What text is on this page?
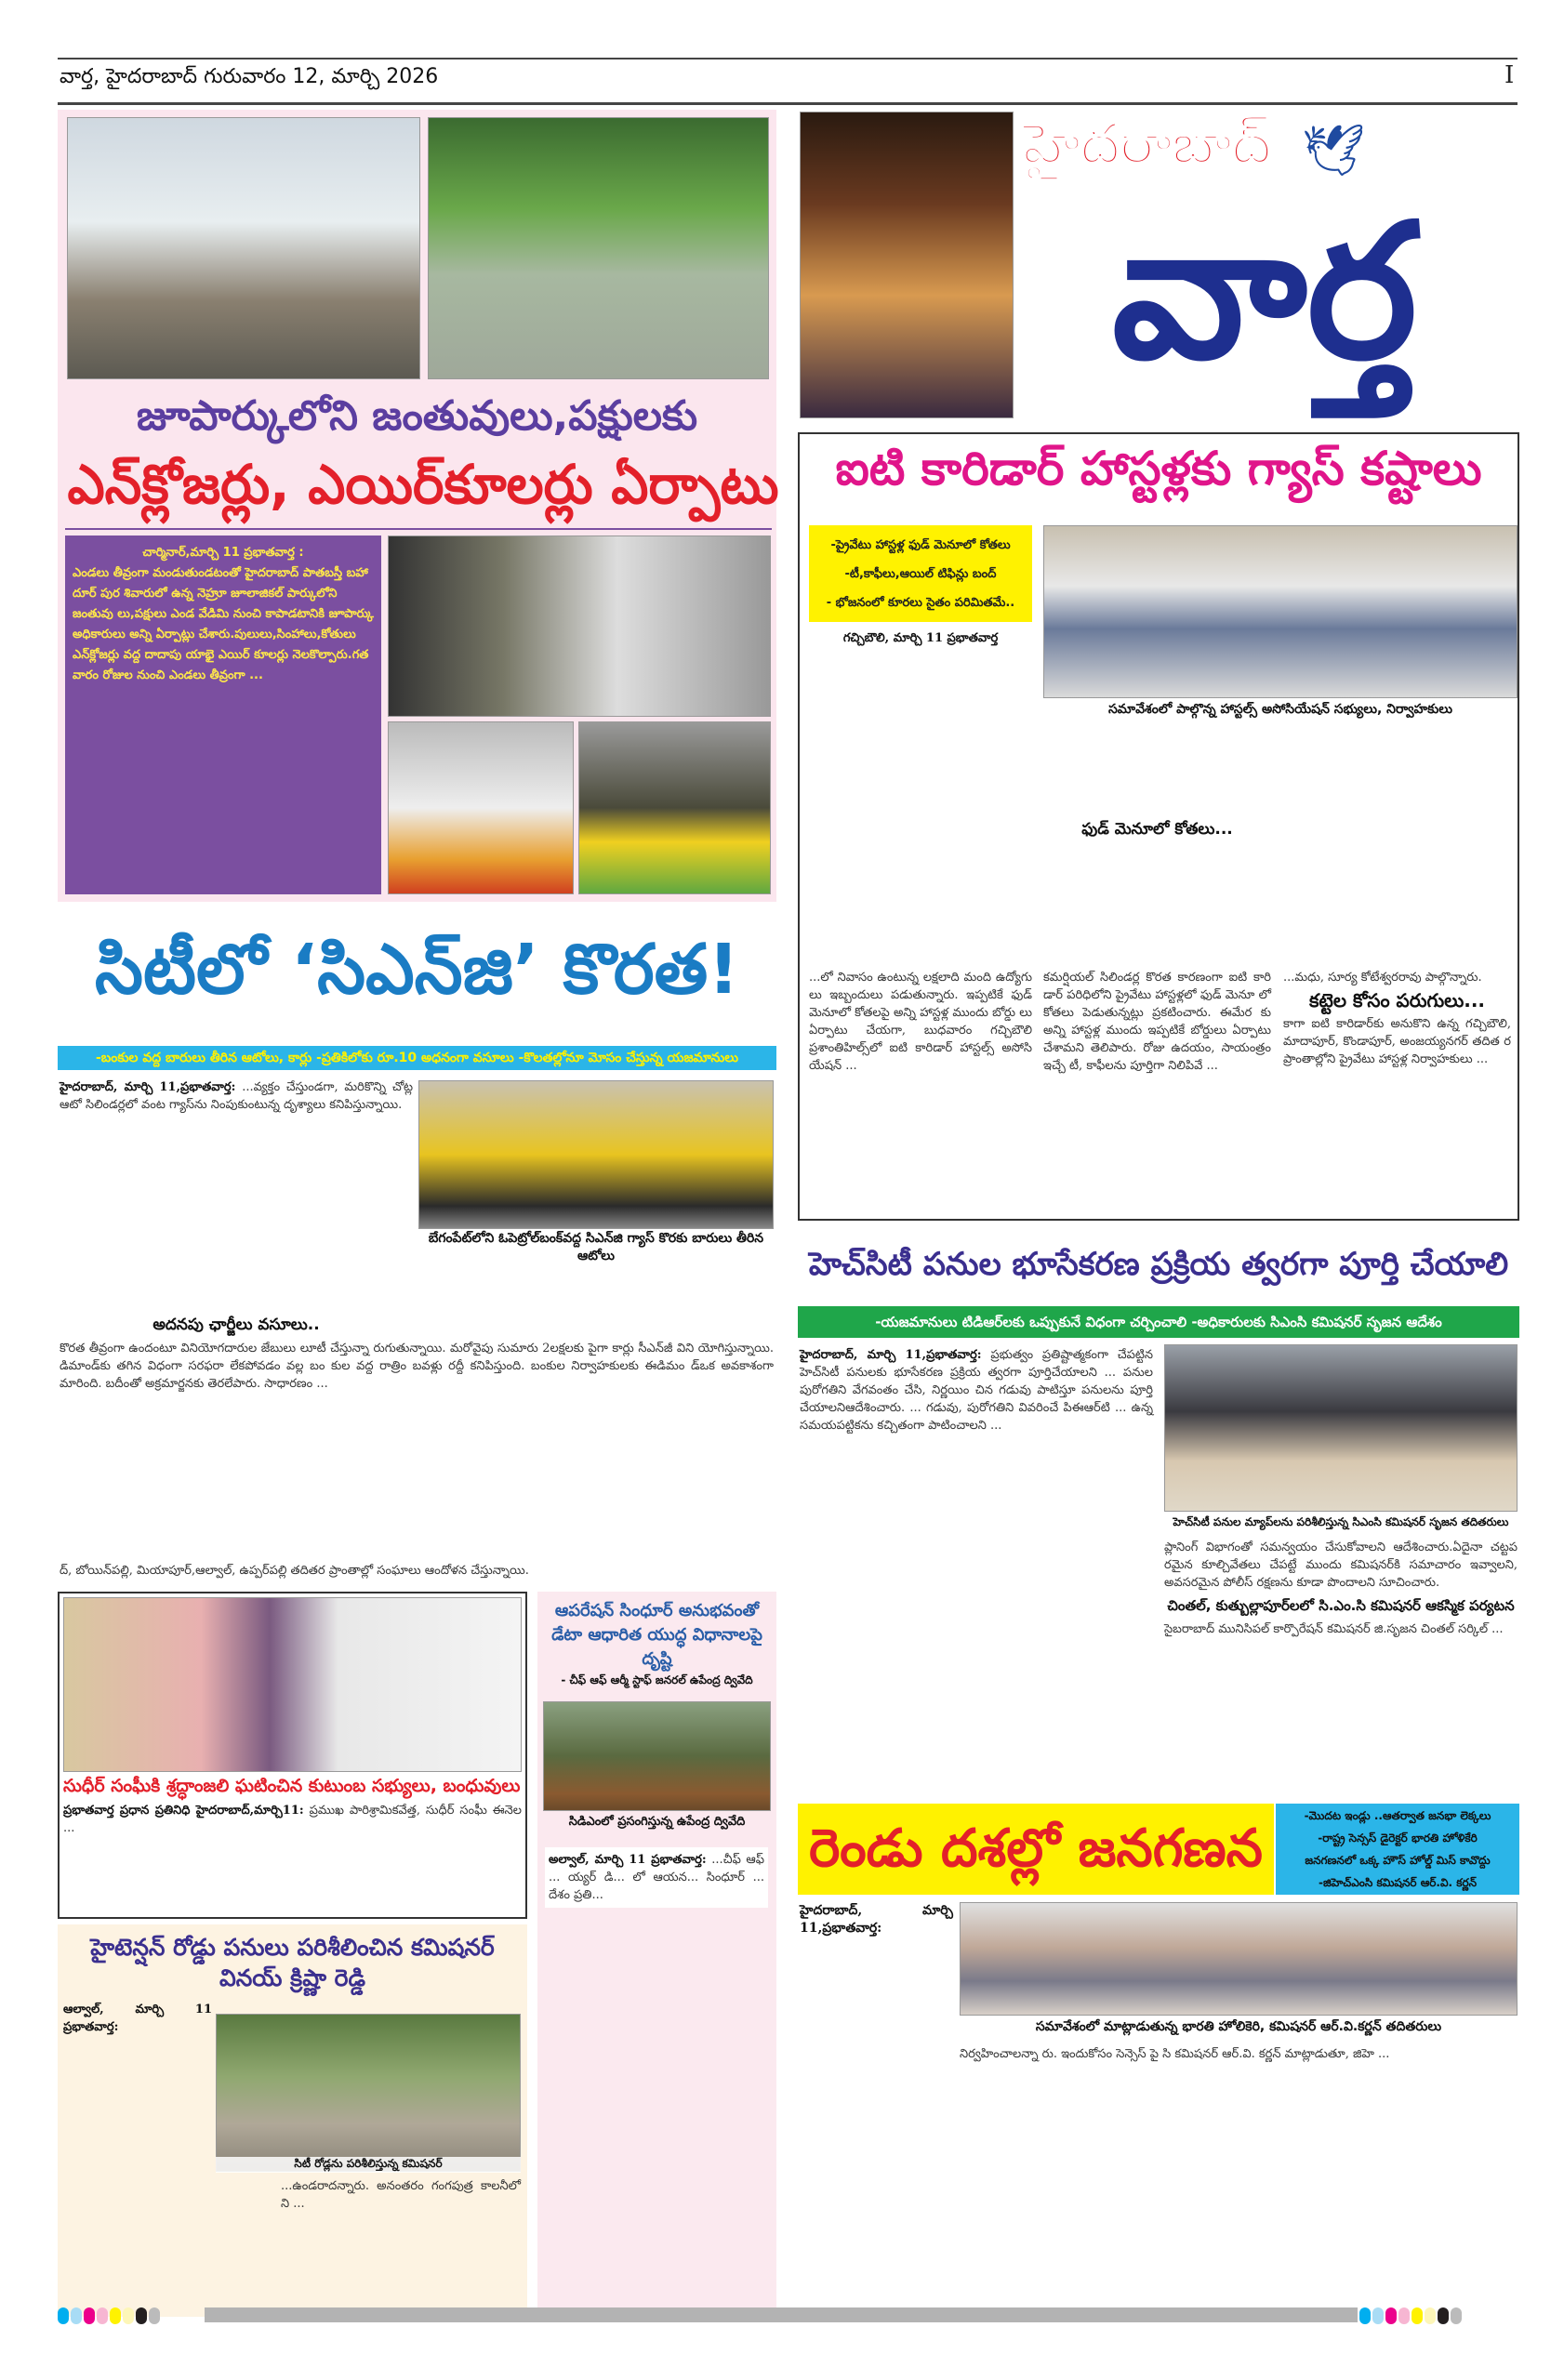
వార్త, హైదరాబాద్ గురువారం 12, మార్చి 2026	I
జూపార్కులోని జంతువులు,పక్షులకు
ఎన్‌క్లోజర్లు, ఎయిర్‌కూలర్లు ఏర్పాటు
చార్మినార్,మార్చి 11 ప్రభాతవార్త :
ఎండలు తీవ్రంగా మండుతుండటంతో హైదరాబాద్ పాతబస్తీ బహా దూర్ పుర శివారులో ఉన్న నెహ్రూ జూలాజికల్ పార్కులోని జంతువు లు,పక్షులు ఎండ వేడిమి నుంచి కాపాడటానికి జూపార్కు అధికారులు అన్ని ఏర్పాట్లు చేశారు.పులులు,సింహాలు,కోతులు ఎన్‌క్లోజర్లు వద్ద దాదాపు యాభై ఎయిర్ కూలర్లు నెలకొల్పారు.గత వారం రోజుల నుంచి ఎండలు తీవ్రంగా ...
సిటీలో ‘సిఎన్‌జి’ కొరత!
-బంకుల వద్ద బారులు తీరిన ఆటోలు, కార్లు -ప్రతికిలోకు రూ.10 అధనంగా వసూలు -కొలతల్లోనూ మోసం చేస్తున్న యజమానులు
హైదరాబాద్, మార్చి 11,ప్రభాతవార్త: ...వ్యక్తం చేస్తుండగా, మరికొన్ని చోట్ల ఆటో సిలిండర్లలో వంట గ్యాస్‌ను నింపుకుంటున్న దృశ్యాలు కనిపిస్తున్నాయి.
బేగంపేట్‌లోని ఓపెట్రోల్‌బంక్‌వద్ద సిఎన్‌జి గ్యాస్ కొరకు బారులు తీరిన ఆటోలు
అదనపు ఛార్జీలు వసూలు..
కొరత తీవ్రంగా ఉందంటూ వినియోగదారుల జేబులు లూటీ చేస్తున్నా రుగుతున్నాయి. మరోవైపు సుమారు 2లక్షలకు పైగా కార్లు సీఎన్‌జీ విని యోగిస్తున్నాయి. డిమాండ్‌కు తగిన విధంగా సరఫరా లేకపోవడం వల్ల బం కుల వద్ద రాత్రిం బవళ్లు రద్దీ కనిపిస్తుంది. బంకుల నిర్వాహకులకు ఈడిమం డ్‌ఒక అవకాశంగా మారింది. బదీంతో అక్రమార్జనకు తెరలేపారు. సాధారణం ...
ద్, బోయిన్‌పల్లి, మియాపూర్,ఆల్వాల్, ఉప్పర్‌పల్లి తదితర ప్రాంతాల్లో సంఘాలు ఆందోళన చేస్తున్నాయి.
సుధీర్ సంఘీకి శ్రద్ధాంజలి ఘటించిన కుటుంబ సభ్యులు, బంధువులు
ప్రభాతవార్త ప్రధాన ప్రతినిధి హైదరాబాద్,మార్చి11: ప్రముఖ పారిశ్రామికవేత్త, సుధీర్ సంఘీ ఈనెల ...
ఆపరేషన్ సింధూర్ అనుభవంతో డేటా ఆధారిత యుద్ధ విధానాలపై దృష్టి
- చీఫ్ ఆఫ్ ఆర్మీ స్టాఫ్ జనరల్ ఉపేంద్ర ద్వివేది
సిడిఎంలో ప్రసంగిస్తున్న ఉపేంద్ర ద్వివేది
అల్వాల్, మార్చి 11 ప్రభాతవార్త: ...చీఫ్ ఆఫ్ ... య్యర్ డి... లో ఆయన... సింధూర్ ... దేశం ప్రతి...
హైటెన్షన్ రోడ్డు పనులు పరిశీలించిన కమిషనర్ వినయ్ క్రిష్ణా రెడ్డి
ఆల్వాల్, మార్చి 11 ప్రభాతవార్త:
సిటీ రోడ్లను పరిశీలిస్తున్న కమిషనర్
...ఉండరాదన్నారు. అనంతరం గంగపుత్ర కాలనీలో ని ...
హైదరాబాద్ 🕊
వార్త
ఐటి కారిడార్ హాస్టళ్లకు గ్యాస్ కష్టాలు
-ప్రైవేటు హాస్టళ్ల ఫుడ్ మెనూలో కోతలు
-టీ,కాఫీలు,ఆయిల్ టిఫిన్లు బంద్
- భోజనంలో కూరలు సైతం పరిమితమే..
సమావేశంలో పాల్గొన్న హాస్టల్స్ అసోసియేషన్ సభ్యులు, నిర్వాహకులు
గచ్చిబౌలి, మార్చి 11 ప్రభాతవార్త
...లో నివాసం ఉంటున్న లక్షలాది మంది ఉద్యోగు లు ఇబ్బందులు పడుతున్నారు. ఇప్పటికే ఫుడ్ మెనూలో కోతలపై అన్ని హాస్టళ్ల ముందు బోర్డు లు ఏర్పాటు చేయగా, బుధవారం గచ్చిబౌలి ప్రశాంతిహిల్స్‌లో ఐటి కారిడార్ హాస్టల్స్ అసోసి యేషన్ ...
కమర్షియల్ సిలిండర్ల కొరత కారణంగా ఐటి కారి డార్ పరిధిలోని ప్రైవేటు హాస్టళ్లలో ఫుడ్ మెనూ లో కోతలు పెడుతున్నట్లు ప్రకటించారు. ఈమేర కు అన్ని హాస్టళ్ల ముందు ఇప్పటికే బోర్డులు ఏర్పాటు చేశామని తెలిపారు. రోజు ఉదయం, సాయంత్రం ఇచ్చే టీ, కాఫీలను పూర్తిగా నిలిపివే ...
ఫుడ్ మెనూలో కోతలు...
...మధు, సూర్య కోటేశ్వరరావు పాల్గొన్నారు.
కట్టెల కోసం పరుగులు...
కాగా ఐటి కారిడార్‌కు అనుకొని ఉన్న గచ్చిబౌలి, మాదాపూర్, కొండాపూర్, అంజయ్యనగర్ తదిత ర ప్రాంతాల్లోని ప్రైవేటు హాస్టళ్ల నిర్వాహకులు ...
హెచ్‌సిటీ పనుల భూసేకరణ ప్రక్రియ త్వరగా పూర్తి చేయాలి
-యజమానులు టిడిఆర్‌లకు ఒప్పుకునే విధంగా చర్చించాలి -అధికారులకు సిఎంసి కమిషనర్ సృజన ఆదేశం
హైదరాబాద్, మార్చి 11,ప్రభాతవార్త: ప్రభుత్వం ప్రతిష్టాత్మకంగా చేపట్టిన హెచ్‌సిటీ పనులకు భూసేకరణ ప్రక్రియ త్వరగా పూర్తిచేయాలని ... పనుల పురోగతిని వేగవంతం చేసి, నిర్ణయిం చిన గడువు పాటిస్తూ పనులను పూర్తి చేయాలనిఆదేశించారు. ... గడువు, పురోగతిని వివరించే పిఈఆర్‌టి ... ఉన్న సమయపట్టికను కచ్చితంగా పాటించాలని ...
హెచ్‌సిటీ పనుల మ్యాప్‌లను పరిశీలిస్తున్న సిఎంసి కమిషనర్ సృజన తదితరులు
ప్లానింగ్ విభాగంతో సమన్వయం చేసుకోవాలని ఆదేశించారు.ఏదైనా చట్టప రమైన కూల్చివేతలు చేపట్టే ముందు కమిషనర్‌కి సమాచారం ఇవ్వాలని, అవసరమైన పోలీస్ రక్షణను కూడా పొందాలని సూచించారు.
చింతల్, కుత్బుల్లాపూర్‌లలో సి.ఎం.సి కమిషనర్ ఆకస్మిక పర్యటన
సైబరాబాద్ మునిసిపల్ కార్పొరేషన్ కమిషనర్ జి.సృజన చింతల్ సర్కిల్ ...
రెండు దశల్లో జనగణన
-మొదట ఇండ్లు ..ఆతర్వాత జనభా లెక్కలు
-రాష్ట్ర సెన్సస్ డైరెక్టర్ భారతి హోళికేరి
జనగణనలో ఒక్క హౌస్ హోల్డ్ మిస్ కావొద్దు
-జిహెచ్‌ఎంసి కమిషనర్ ఆర్.వి. కర్ణన్
హైదరాబాద్, మార్చి 11,ప్రభాతవార్త:
సమావేశంలో మాట్లాడుతున్న భారతి హోలికెరి, కమిషనర్ ఆర్.వి.కర్ణన్ తదితరులు
నిర్వహించాలన్నా రు. ఇందుకోసం సెన్సెస్ పై సి కమిషనర్ ఆర్.వి. కర్ణన్ మాట్లాడుతూ, జిహె ...
